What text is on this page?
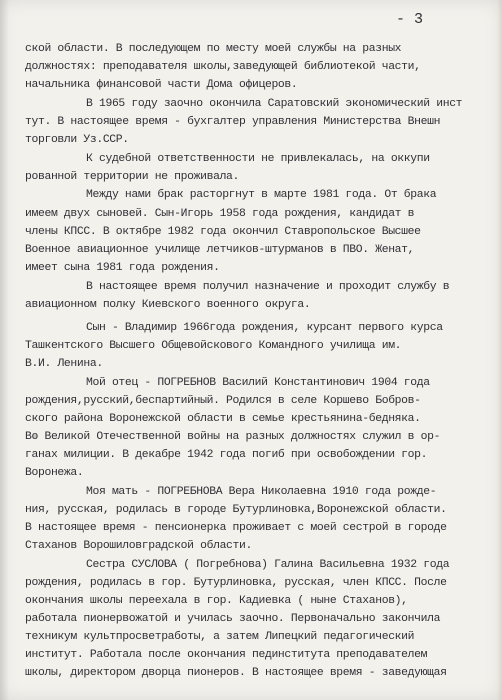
- 3
ской области. В последующем по месту моей службы на разных
должностях: преподавателя школы,заведующей библиотекой части,
начальника финансовой части Дома офицеров.
В 1965 году заочно окончила Саратовский экономический инст
тут. В настоящее время - бухгалтер управления Министерства Внешн
торговли Уз.ССР.
К судебной ответственности не привлекалась, на оккупи
рованной территории не проживала.
Между нами брак расторгнут в марте 1981 года. От брака
имеем двух сыновей. Сын-Игорь 1958 года рождения, кандидат в
члены КПСС. В октябре 1982 года окончил Ставропольское Высшее
Военное авиационное училище летчиков-штурманов в ПВО. Женат,
имеет сына 1981 года рождения.
В настоящее время получил назначение и проходит службу в
авиационном полку Киевского военного округа.
Сын - Владимир 1966года рождения, курсант первого курса
Ташкентского Высшего Общевойскового Командного училища им.
В.И. Ленина.
Мой отец - ПОГРЕБНОВ Василий Константинович 1904 года
рождения,русский,беспартийный. Родился в селе Коршево Бобров-
ского района Воронежской области в семье крестьянина-бедняка.
Во Великой Отечественной войны на разных должностях служил в ор-
ганах милиции. В декабре 1942 года погиб при освобождении гор.
Воронежа.
Моя мать - ПОГРЕБНОВА Вера Николаевна 1910 года рожде-
ния, русская, родилась в городе Бутурлиновка,Воронежской области.
В настоящее время - пенсионерка проживает с моей сестрой в городе
Стаханов Ворошиловградской области.
Сестра СУСЛОВА ( Погребнова) Галина Васильевна 1932 года
рождения, родилась в гор. Бутурлиновка, русская, член КПСС. После
окончания школы переехала в гор. Кадиевка ( ныне Стаханов),
работала пионервожатой и училась заочно. Первоначально закончила
техникум культпросветработы, а затем Липецкий педагогический
институт. Работала после окончания пединститута преподавателем
школы, директором дворца пионеров. В настоящее время - заведующая
